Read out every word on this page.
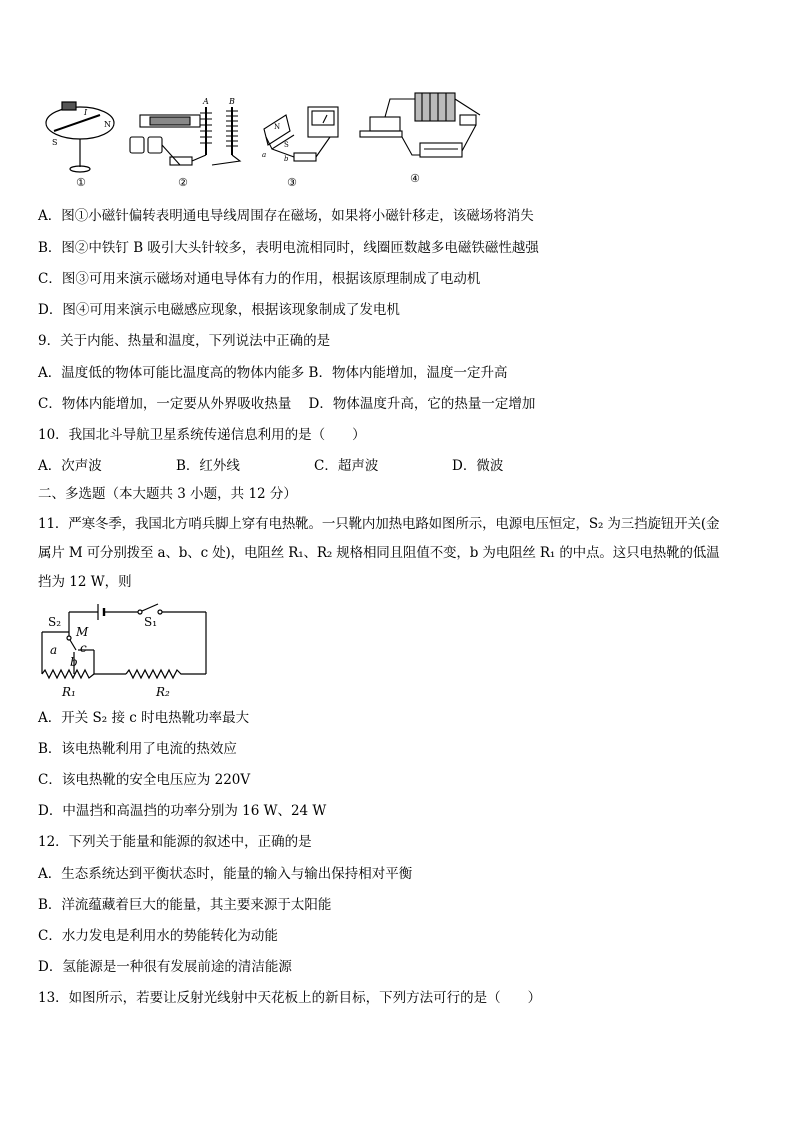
S
N
I
A	B
N
S
a	b
①	②	③	④
A．图①小磁针偏转表明通电导线周围存在磁场，如果将小磁针移走，该磁场将消失
B．图②中铁钉 B 吸引大头针较多，表明电流相同时，线圈匝数越多电磁铁磁性越强
C．图③可用来演示磁场对通电导体有力的作用，根据该原理制成了电动机
D．图④可用来演示电磁感应现象，根据该现象制成了发电机
9．关于内能、热量和温度，下列说法中正确的是
A．温度低的物体可能比温度高的物体内能多 B．物体内能增加，温度一定升高
C．物体内能增加，一定要从外界吸收热量    D．物体温度升高，它的热量一定增加
10．我国北斗导航卫星系统传递信息利用的是（　　）
A．次声波	B．红外线	C．超声波	D．微波
二、多选题（本大题共 3 小题，共 12 分）
11．严寒冬季，我国北方哨兵脚上穿有电热靴。一只靴内加热电路如图所示，电源电压恒定，S₂ 为三挡旋钮开关(金
属片 M 可分别拨至 a、b、c 处)，电阻丝 R₁、R₂ 规格相同且阻值不变，b 为电阻丝 R₁ 的中点。这只电热靴的低温
挡为 12 W，则
S₂	S₁
M
a c
b
R₁	R₂
A．开关 S₂ 接 c 时电热靴功率最大
B．该电热靴利用了电流的热效应
C．该电热靴的安全电压应为 220V
D．中温挡和高温挡的功率分别为 16 W、24 W
12．下列关于能量和能源的叙述中，正确的是
A．生态系统达到平衡状态时，能量的输入与输出保持相对平衡
B．洋流蕴藏着巨大的能量，其主要来源于太阳能
C．水力发电是利用水的势能转化为动能
D．氢能源是一种很有发展前途的清洁能源
13．如图所示，若要让反射光线射中天花板上的新目标，下列方法可行的是（　　）
